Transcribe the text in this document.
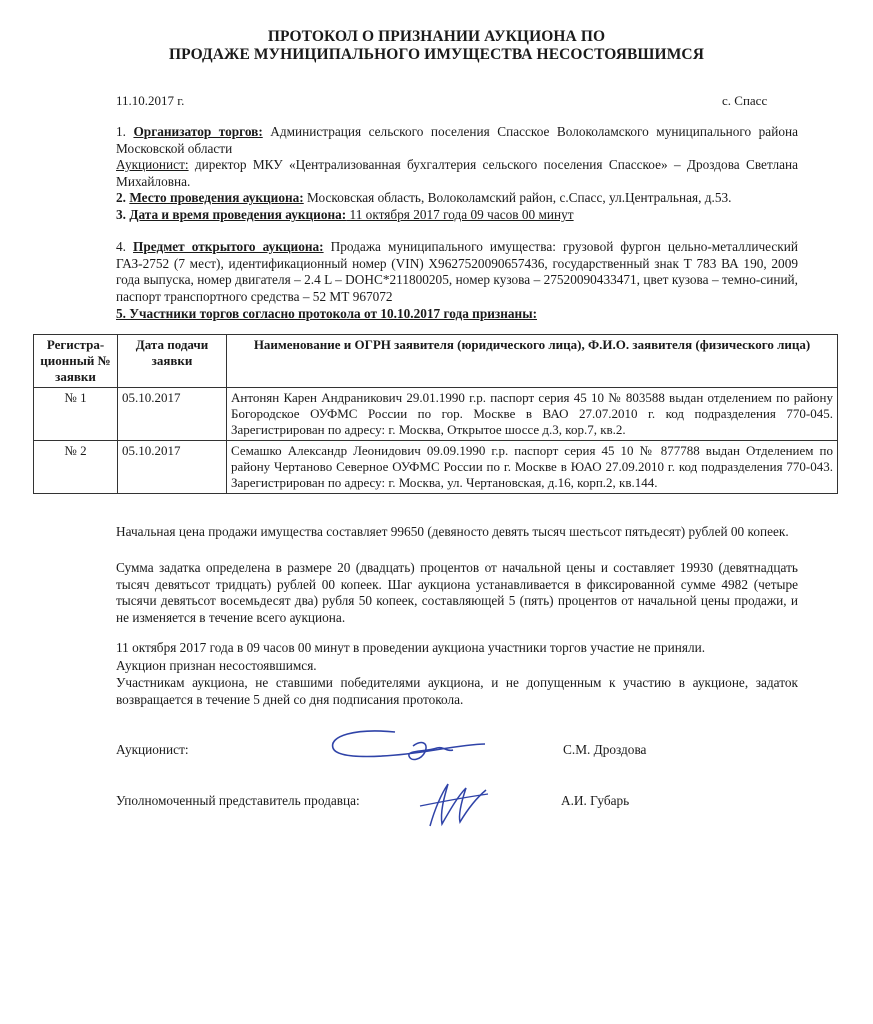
ПРОТОКОЛ О ПРИЗНАНИИ АУКЦИОНА ПО
ПРОДАЖЕ МУНИЦИПАЛЬНОГО ИМУЩЕСТВА НЕСОСТОЯВШИМСЯ
11.10.2017 г.	с. Спасс
1. Организатор торгов: Администрация сельского поселения Спасское Волоколамского муниципального района Московской области
Аукционист: директор МКУ «Централизованная бухгалтерия сельского поселения Спасское» – Дроздова Светлана Михайловна.
2. Место проведения аукциона: Московская область, Волоколамский район, с.Спасс, ул.Центральная, д.53.
3. Дата и время проведения аукциона: 11 октября 2017 года 09 часов 00 минут
4. Предмет открытого аукциона: Продажа муниципального имущества: грузовой фургон цельно-металлический ГАЗ-2752 (7 мест), идентификационный номер (VIN) X9627520090657436, государственный знак Т 783 ВА 190, 2009 года выпуска, номер двигателя – 2.4 L – DOHC*211800205, номер кузова – 27520090433471, цвет кузова – темно-синий, паспорт транспортного средства – 52 МТ 967072
5. Участники торгов согласно протокола от 10.10.2017 года признаны:
Регистра-ционный № заявки	Дата подачи заявки	Наименование и ОГРН заявителя (юридического лица), Ф.И.О. заявителя (физического лица)
№ 1	05.10.2017	Антонян Карен Андраникович 29.01.1990 г.р. паспорт серия 45 10 № 803588 выдан отделением по району Богородское ОУФМС России по гор. Москве в ВАО 27.07.2010 г. код подразделения 770-045. Зарегистрирован по адресу: г. Москва, Открытое шоссе д.3, кор.7, кв.2.
№ 2	05.10.2017	Семашко Александр Леонидович 09.09.1990 г.р. паспорт серия 45 10 № 877788 выдан Отделением по району Чертаново Северное ОУФМС России по г. Москве в ЮАО 27.09.2010 г. код подразделения 770-043. Зарегистрирован по адресу: г. Москва, ул. Чертановская, д.16, корп.2, кв.144.
Начальная цена продажи имущества составляет 99650 (девяносто девять тысяч шестьсот пятьдесят) рублей 00 копеек.
Сумма задатка определена в размере 20 (двадцать) процентов от начальной цены и составляет 19930 (девятнадцать тысяч девятьсот тридцать) рублей 00 копеек. Шаг аукциона устанавливается в фиксированной сумме 4982 (четыре тысячи девятьсот восемьдесят два) рубля 50 копеек, составляющей 5 (пять) процентов от начальной цены продажи, и не изменяется в течение всего аукциона.
11 октября 2017 года в 09 часов 00 минут в проведении аукциона участники торгов участие не приняли.
Аукцион признан несостоявшимся.
Участникам аукциона, не ставшими победителями аукциона, и не допущенным к участию в аукционе, задаток возвращается в течение 5 дней со дня подписания протокола.
Аукционист:	С.М. Дроздова
Уполномоченный представитель продавца:	А.И. Губарь
